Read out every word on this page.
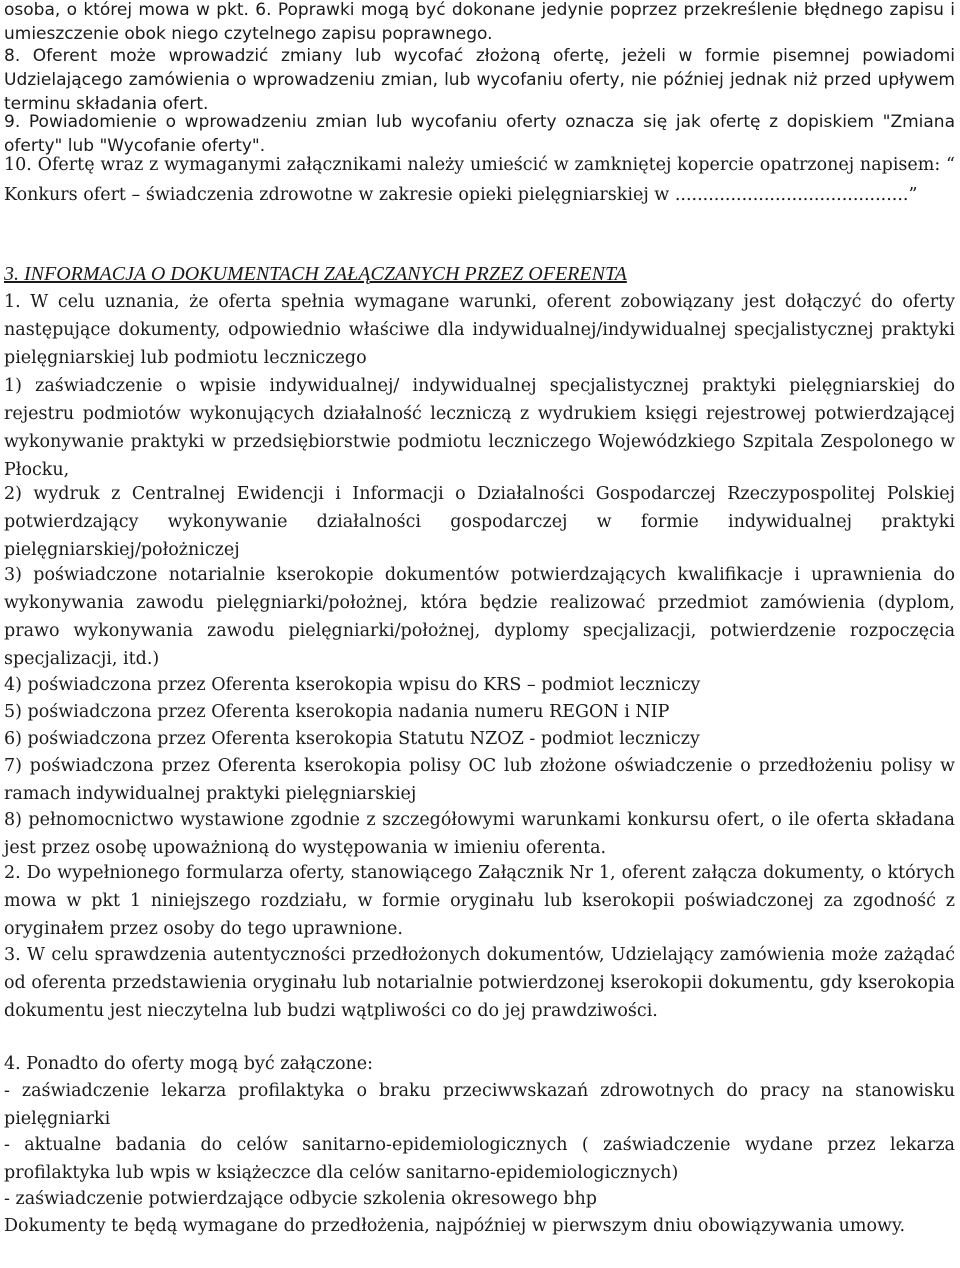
osoba, o której mowa w pkt. 6. Poprawki mogą być dokonane jedynie poprzez przekreślenie błędnego zapisu i umieszczenie obok niego czytelnego zapisu poprawnego.

8. Oferent może wprowadzić zmiany lub wycofać złożoną ofertę, jeżeli w formie pisemnej powiadomi Udzielającego zamówienia o wprowadzeniu zmian, lub wycofaniu oferty, nie później jednak niż przed upływem terminu składania ofert.

9. Powiadomienie o wprowadzeniu zmian lub wycofaniu oferty oznacza się jak ofertę z dopiskiem "Zmiana oferty" lub "Wycofanie oferty".

10. Ofertę wraz z wymaganymi załącznikami należy umieścić w zamkniętej kopercie opatrzonej napisem: “ Konkurs ofert – świadczenia zdrowotne w zakresie opieki pielęgniarskiej w ..........................................”

3. INFORMACJA O DOKUMENTACH ZAŁĄCZANYCH PRZEZ OFERENTA

1. W celu uznania, że oferta spełnia wymagane warunki, oferent zobowiązany jest dołączyć do oferty następujące dokumenty, odpowiednio właściwe dla indywidualnej/indywidualnej specjalistycznej praktyki pielęgniarskiej lub podmiotu leczniczego

1) zaświadczenie o wpisie indywidualnej/ indywidualnej specjalistycznej praktyki pielęgniarskiej do rejestru podmiotów wykonujących działalność leczniczą z wydrukiem księgi rejestrowej potwierdzającej wykonywanie praktyki w przedsiębiorstwie podmiotu leczniczego Wojewódzkiego Szpitala Zespolonego w Płocku,

2) wydruk z Centralnej Ewidencji i Informacji o Działalności Gospodarczej Rzeczypospolitej Polskiej potwierdzający wykonywanie działalności gospodarczej w formie indywidualnej praktyki pielęgniarskiej/położniczej

3) poświadczone notarialnie kserokopie dokumentów potwierdzających kwalifikacje i uprawnienia do wykonywania zawodu pielęgniarki/położnej, która będzie realizować przedmiot zamówienia (dyplom, prawo wykonywania zawodu pielęgniarki/położnej, dyplomy specjalizacji, potwierdzenie rozpoczęcia specjalizacji, itd.)

4) poświadczona przez Oferenta kserokopia wpisu do KRS – podmiot leczniczy

5) poświadczona przez Oferenta kserokopia nadania numeru REGON i NIP

6) poświadczona przez Oferenta kserokopia Statutu NZOZ - podmiot leczniczy

7) poświadczona przez Oferenta kserokopia polisy OC lub złożone oświadczenie o przedłożeniu polisy w ramach indywidualnej praktyki pielęgniarskiej

8) pełnomocnictwo wystawione zgodnie z szczegółowymi warunkami konkursu ofert, o ile oferta składana jest przez osobę upoważnioną do występowania w imieniu oferenta.

2. Do wypełnionego formularza oferty, stanowiącego Załącznik Nr 1, oferent załącza dokumenty, o których mowa w pkt 1 niniejszego rozdziału, w formie oryginału lub kserokopii poświadczonej za zgodność z oryginałem przez osoby do tego uprawnione.

3. W celu sprawdzenia autentyczności przedłożonych dokumentów, Udzielający zamówienia może zażądać od oferenta przedstawienia oryginału lub notarialnie potwierdzonej kserokopii dokumentu, gdy kserokopia dokumentu jest nieczytelna lub budzi wątpliwości co do jej prawdziwości.

4. Ponadto do oferty mogą być załączone:

- zaświadczenie lekarza profilaktyka o braku przeciwwskazań zdrowotnych do pracy na stanowisku pielęgniarki

- aktualne badania do celów sanitarno-epidemiologicznych ( zaświadczenie wydane przez lekarza profilaktyka lub wpis w książeczce dla celów sanitarno-epidemiologicznych)

- zaświadczenie potwierdzające odbycie szkolenia okresowego bhp

Dokumenty te będą wymagane do przedłożenia, najpóźniej w pierwszym dniu obowiązywania umowy.
